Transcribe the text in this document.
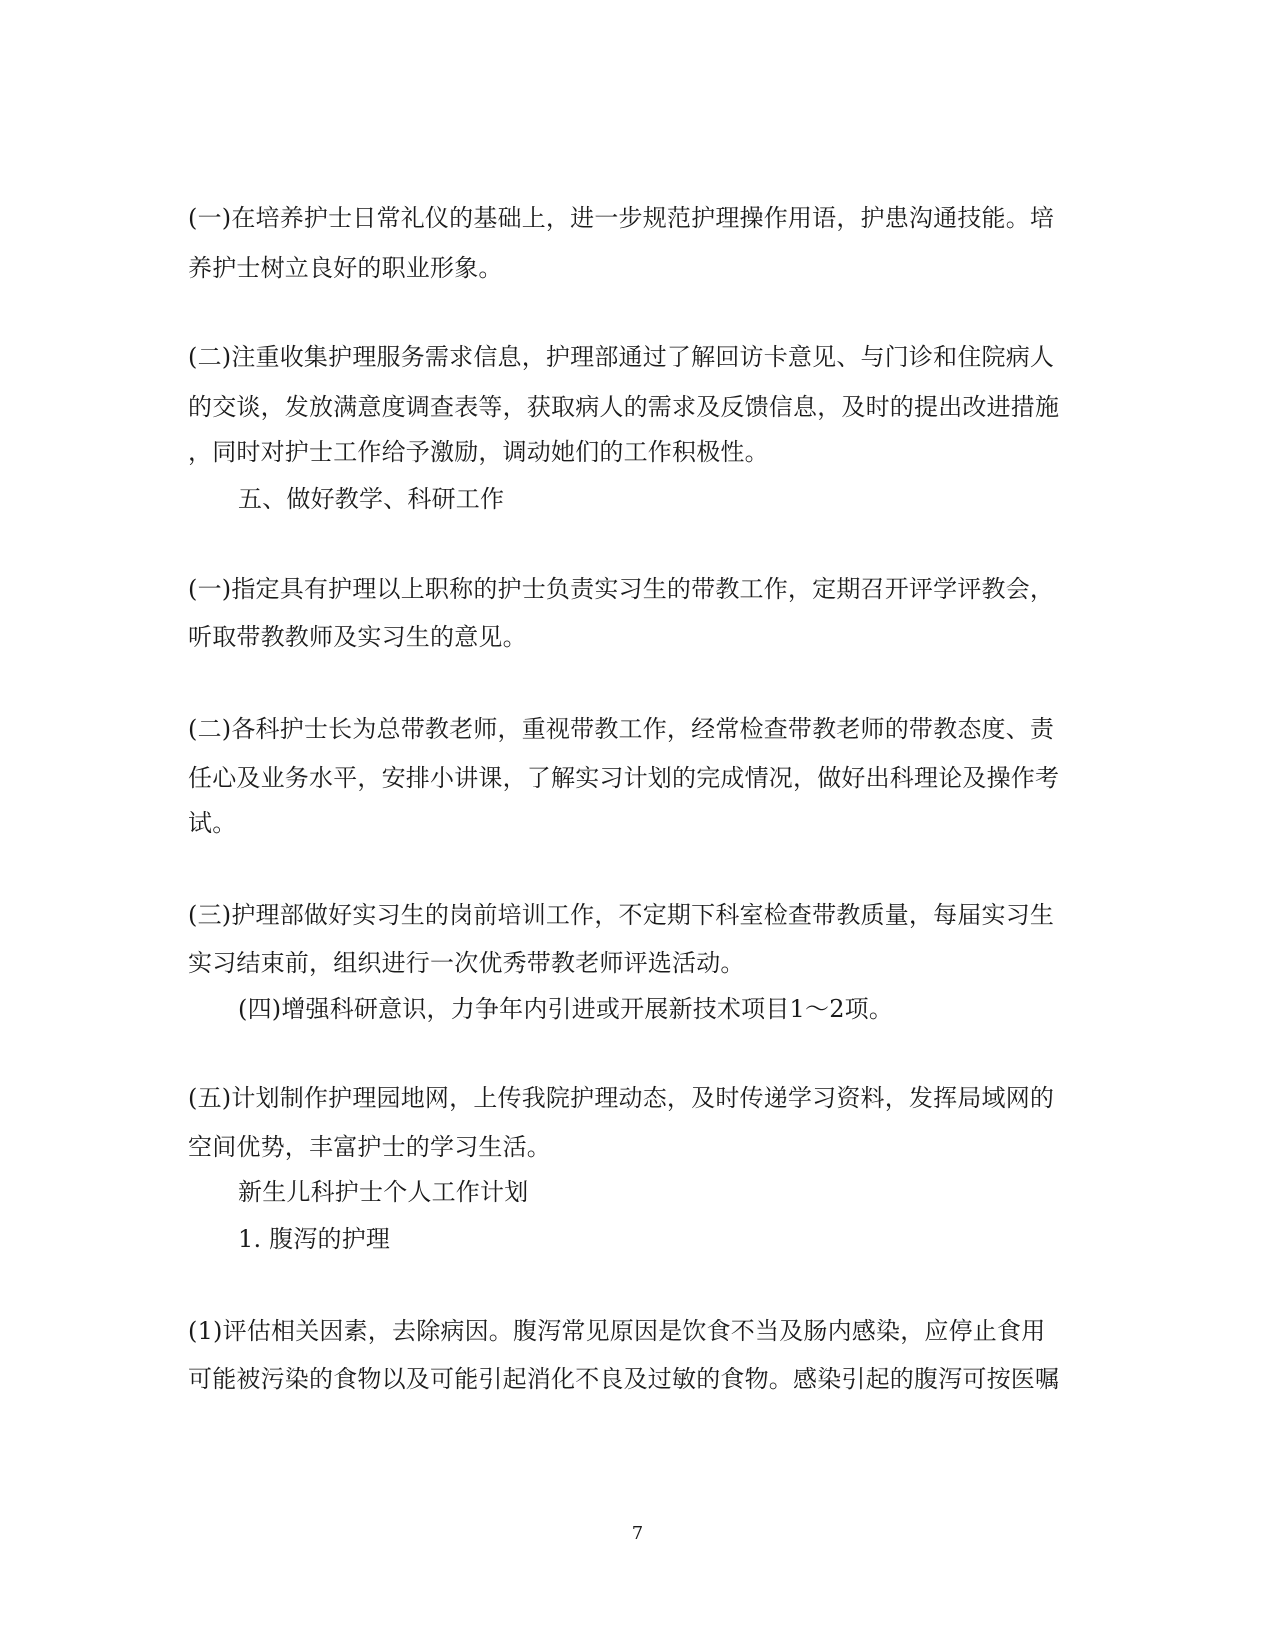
(一)在培养护士日常礼仪的基础上，进一步规范护理操作用语，护患沟通技能。培
养护士树立良好的职业形象。
(二)注重收集护理服务需求信息，护理部通过了解回访卡意见、与门诊和住院病人
的交谈，发放满意度调查表等，获取病人的需求及反馈信息，及时的提出改进措施
，同时对护士工作给予激励，调动她们的工作积极性。
五、做好教学、科研工作
(一)指定具有护理以上职称的护士负责实习生的带教工作，定期召开评学评教会，
听取带教教师及实习生的意见。
(二)各科护士长为总带教老师，重视带教工作，经常检查带教老师的带教态度、责
任心及业务水平，安排小讲课，了解实习计划的完成情况，做好出科理论及操作考
试。
(三)护理部做好实习生的岗前培训工作，不定期下科室检查带教质量，每届实习生
实习结束前，组织进行一次优秀带教老师评选活动。
(四)增强科研意识，力争年内引进或开展新技术项目1～2项。
(五)计划制作护理园地网，上传我院护理动态，及时传递学习资料，发挥局域网的
空间优势，丰富护士的学习生活。
新生儿科护士个人工作计划
1. 腹泻的护理
(1)评估相关因素，去除病因。腹泻常见原因是饮食不当及肠内感染，应停止食用
可能被污染的食物以及可能引起消化不良及过敏的食物。感染引起的腹泻可按医嘱
7
